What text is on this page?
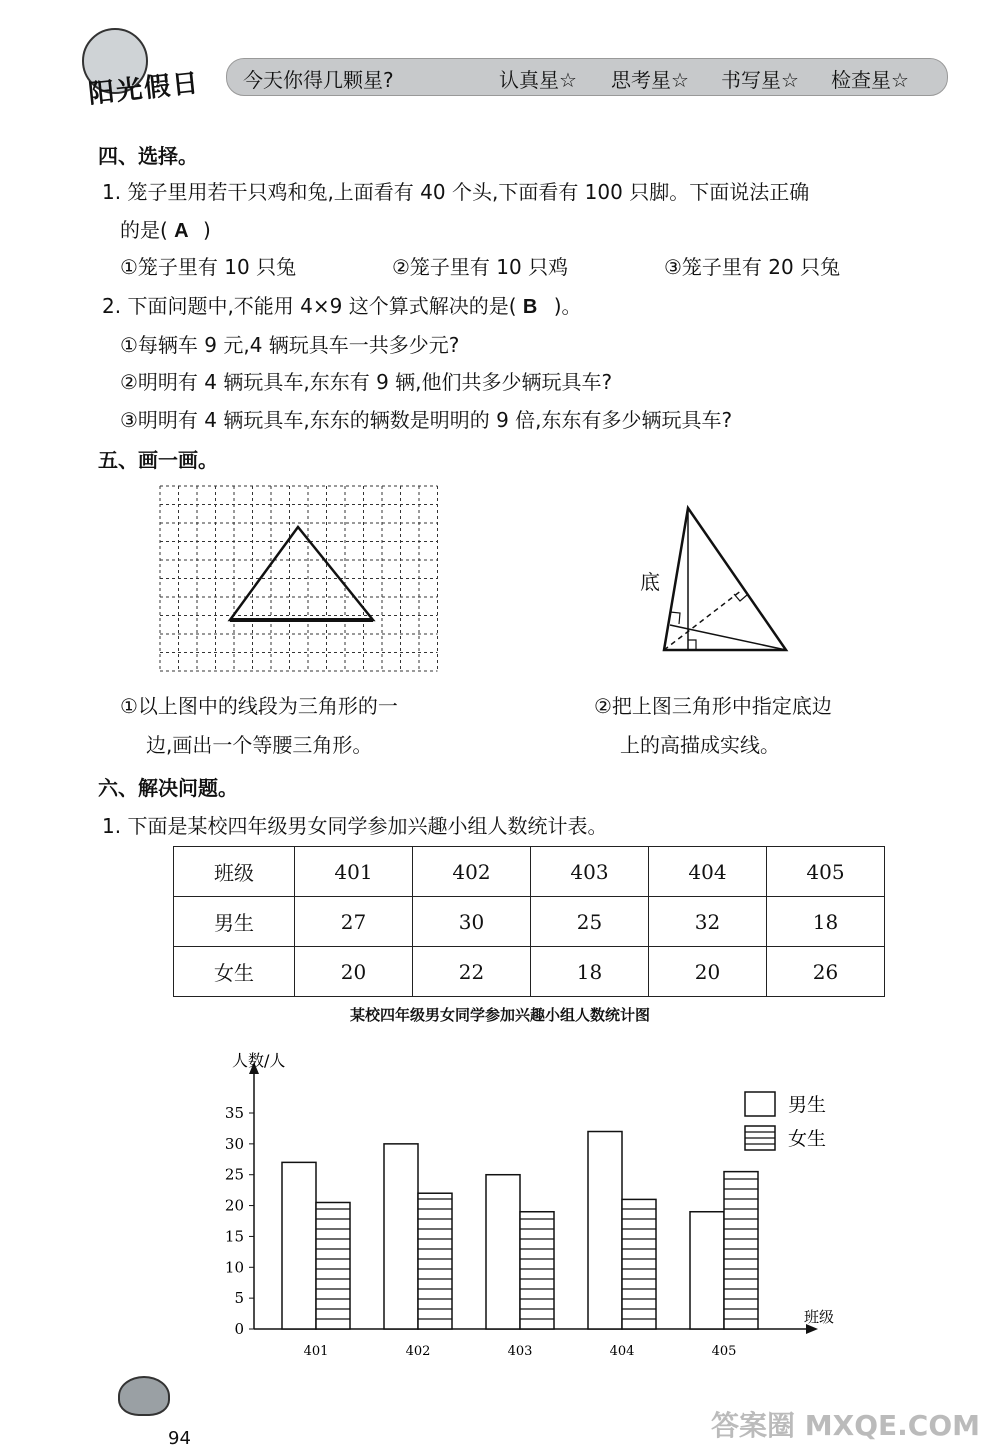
阳光假日 今天你得几颗星?	认真星☆ 思考星☆ 书写星☆ 检查星☆
四、选择。
1. 笼子里用若干只鸡和兔,上面看有 40 个头,下面看有 100 只脚。下面说法正确
的是( A )
①笼子里有 10 只兔	②笼子里有 10 只鸡	③笼子里有 20 只兔
2. 下面问题中,不能用 4×9 这个算式解决的是( B )。
①每辆车 9 元,4 辆玩具车一共多少元?
②明明有 4 辆玩具车,东东有 9 辆,他们共多少辆玩具车?
③明明有 4 辆玩具车,东东的辆数是明明的 9 倍,东东有多少辆玩具车?
五、画一画。
底
①以上图中的线段为三角形的一
边,画出一个等腰三角形。
②把上图三角形中指定底边
上的高描成实线。
六、解决问题。
1. 下面是某校四年级男女同学参加兴趣小组人数统计表。
班级	401	402	403	404	405
男生	27	30	25	32	18
女生	20	22	18	20	26
某校四年级男女同学参加兴趣小组人数统计图
人数/人
班级
0
5
10
15
20
25
30
35
401	402	403	404	405
男生
女生
94	答案圈 MXQE.COM
